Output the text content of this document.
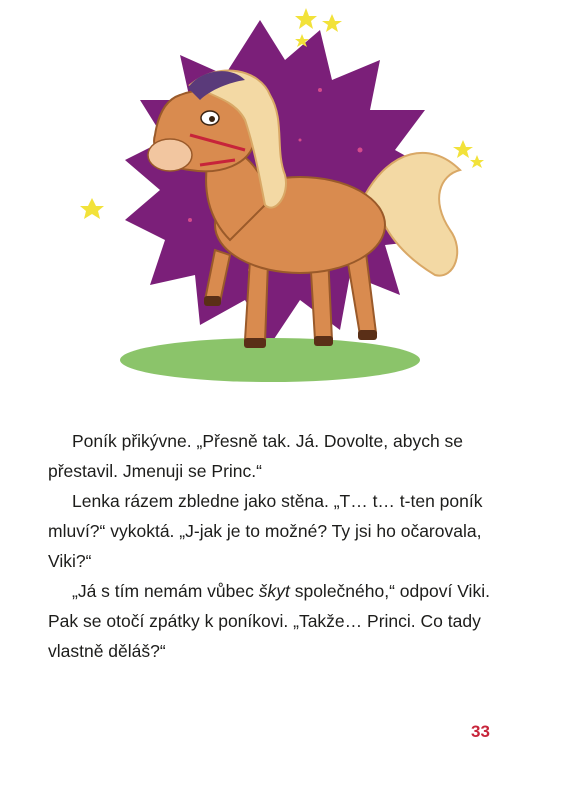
Poník přikývne. „Přesně tak. Já. Dovolte, abych se přestavil. Jmenuji se Princ.“

Lenka rázem zbledne jako stěna. „T… t… t-ten poník mluví?“ vykoktá. „J-jak je to možné? Ty jsi ho očarovala, Viki?“

„Já s tím nemám vůbec škyt společného,“ odpoví Viki. Pak se otočí zpátky k poníkovi. „Takže… Princi. Co tady vlastně děláš?“

33
